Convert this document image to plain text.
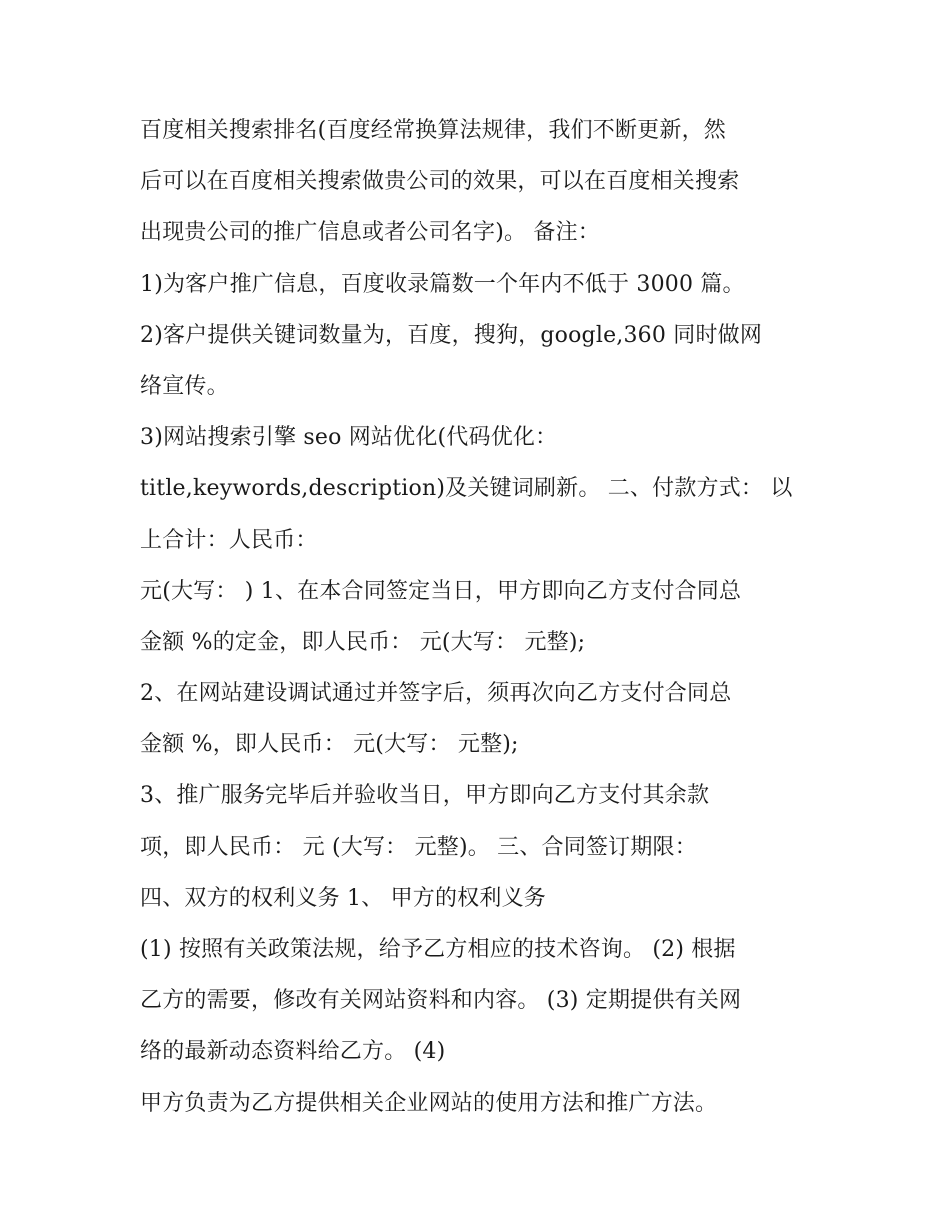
百度相关搜索排名(百度经常换算法规律，我们不断更新，然
后可以在百度相关搜索做贵公司的效果，可以在百度相关搜索
出现贵公司的推广信息或者公司名字)。 备注：
1)为客户推广信息，百度收录篇数一个年内不低于 3000 篇。
2)客户提供关键词数量为，百度，搜狗，google,360 同时做网
络宣传。
3)网站搜索引擎 seo 网站优化(代码优化：
title,keywords,description)及关键词刷新。 二、付款方式： 以
上合计：人民币：
元(大写： ) 1、在本合同签定当日，甲方即向乙方支付合同总
金额 %的定金，即人民币： 元(大写： 元整);
2、在网站建设调试通过并签字后，须再次向乙方支付合同总
金额 %，即人民币： 元(大写： 元整);
3、推广服务完毕后并验收当日，甲方即向乙方支付其余款
项，即人民币： 元 (大写： 元整)。 三、合同签订期限：
四、双方的权利义务 1、 甲方的权利义务
(1) 按照有关政策法规，给予乙方相应的技术咨询。 (2) 根据
乙方的需要，修改有关网站资料和内容。 (3) 定期提供有关网
络的最新动态资料给乙方。 (4)
甲方负责为乙方提供相关企业网站的使用方法和推广方法。
